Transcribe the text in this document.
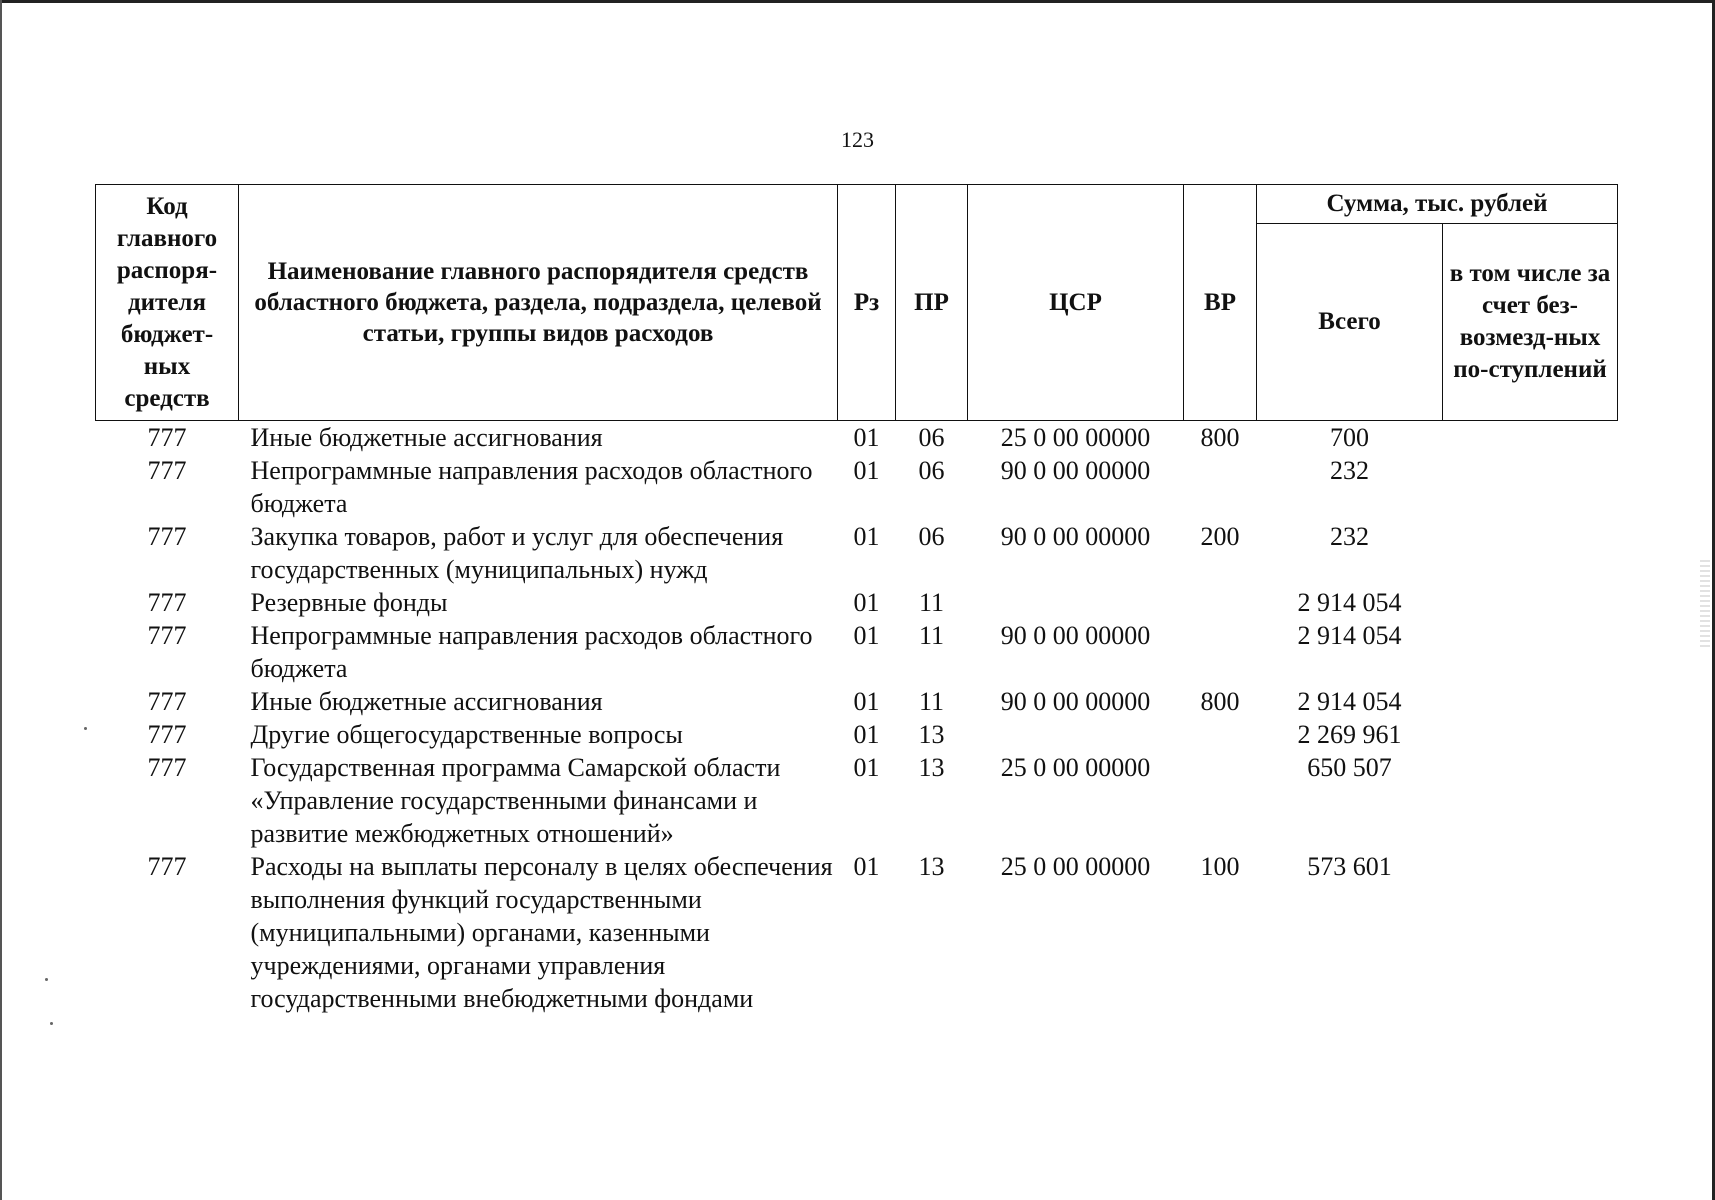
123
Код главного распоря-дителя бюджет-ных средств	Наименование главного распорядителя средств областного бюджета, раздела, подраздела, целевой статьи, группы видов расходов	Рз	ПР	ЦСР	ВР	Сумма, тыс. рублей	
						Всего	в том числе за счет без-возмезд-ных по-ступлений
777	Иные бюджетные ассигнования	01	06	25 0 00 00000	800	700	
777	Непрограммные направления расходов областного бюджета	01	06	90 0 00 00000		232	
777	Закупка товаров, работ и услуг для обеспечения государственных (муниципальных) нужд	01	06	90 0 00 00000	200	232	
777	Резервные фонды	01	11			2 914 054	
777	Непрограммные направления расходов областного бюджета	01	11	90 0 00 00000		2 914 054	
777	Иные бюджетные ассигнования	01	11	90 0 00 00000	800	2 914 054	
777	Другие общегосударственные вопросы	01	13			2 269 961	
777	Государственная программа Самарской области «Управление государственными финансами и развитие межбюджетных отношений»	01	13	25 0 00 00000		650 507	
777	Расходы на выплаты персоналу в целях обеспечения выполнения функций государственными (муниципальными) органами, казенными учреждениями, органами управления государственными внебюджетными фондами	01	13	25 0 00 00000	100	573 601	
